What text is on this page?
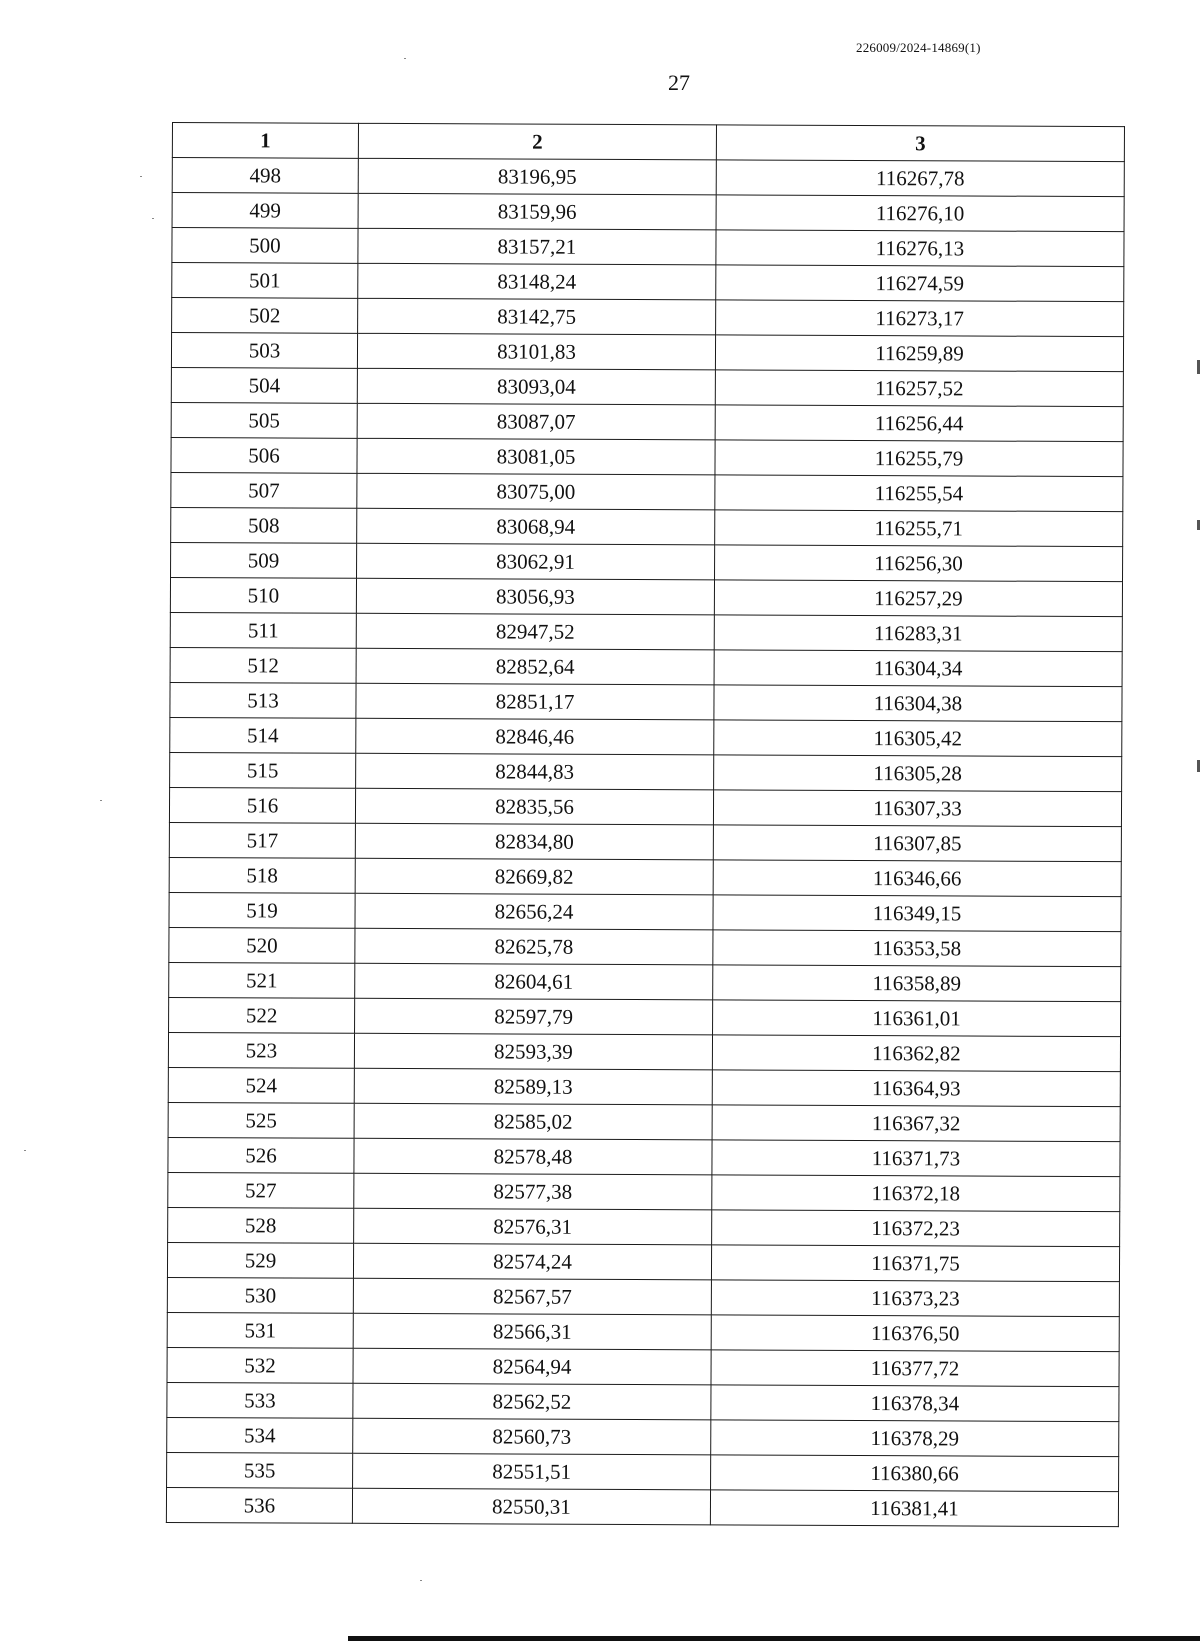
226009/2024-14869(1)
27
1	2	3
498	83196,95	116267,78
499	83159,96	116276,10
500	83157,21	116276,13
501	83148,24	116274,59
502	83142,75	116273,17
503	83101,83	116259,89
504	83093,04	116257,52
505	83087,07	116256,44
506	83081,05	116255,79
507	83075,00	116255,54
508	83068,94	116255,71
509	83062,91	116256,30
510	83056,93	116257,29
511	82947,52	116283,31
512	82852,64	116304,34
513	82851,17	116304,38
514	82846,46	116305,42
515	82844,83	116305,28
516	82835,56	116307,33
517	82834,80	116307,85
518	82669,82	116346,66
519	82656,24	116349,15
520	82625,78	116353,58
521	82604,61	116358,89
522	82597,79	116361,01
523	82593,39	116362,82
524	82589,13	116364,93
525	82585,02	116367,32
526	82578,48	116371,73
527	82577,38	116372,18
528	82576,31	116372,23
529	82574,24	116371,75
530	82567,57	116373,23
531	82566,31	116376,50
532	82564,94	116377,72
533	82562,52	116378,34
534	82560,73	116378,29
535	82551,51	116380,66
536	82550,31	116381,41
